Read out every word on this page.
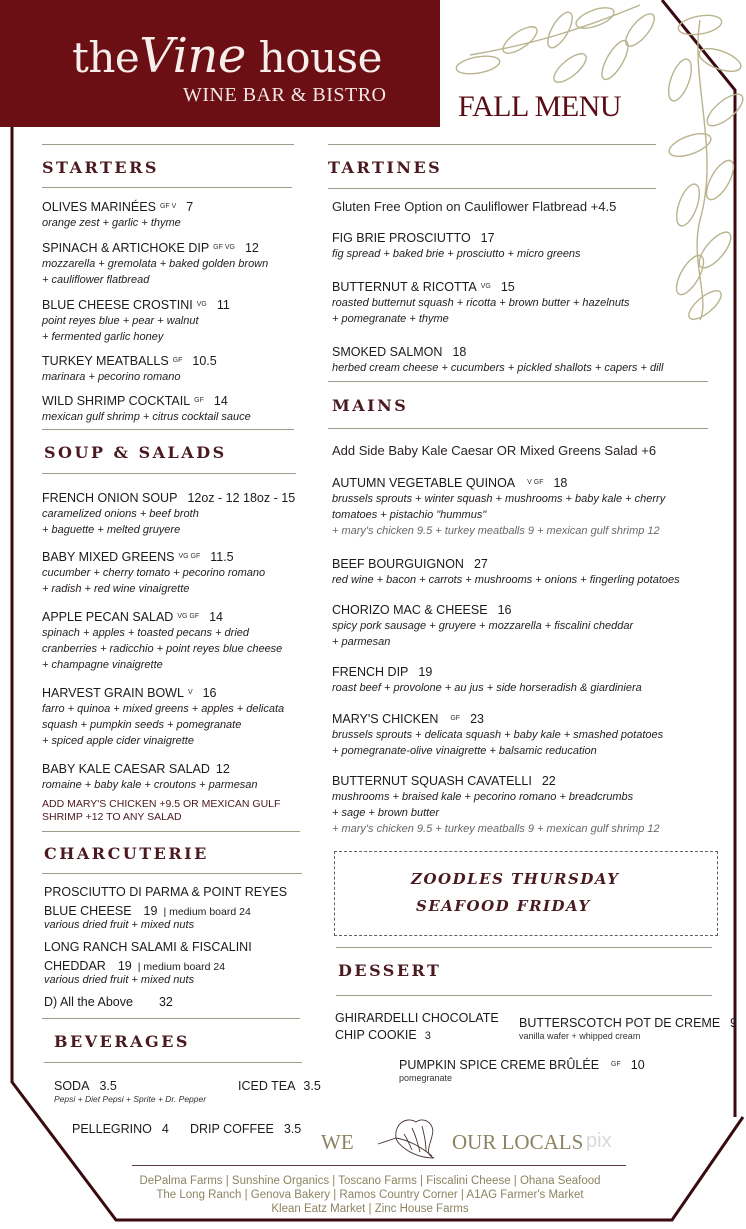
theVine house
WINE BAR & BISTRO FALL MENU
STARTERS
OLIVES MARINÉES GF V 7
orange zest + garlic + thyme
SPINACH & ARTICHOKE DIP GF VG 12
mozzarella + gremolata + baked golden brown
+ cauliflower flatbread
BLUE CHEESE CROSTINI VG 11
point reyes blue + pear + walnut
+ fermented garlic honey
TURKEY MEATBALLS GF 10.5
marinara + pecorino romano
WILD SHRIMP COCKTAIL GF 14
mexican gulf shrimp + citrus cocktail sauce
SOUP & SALADS
FRENCH ONION SOUP 12oz - 12 18oz - 15
caramelized onions + beef broth
+ baguette + melted gruyere
BABY MIXED GREENS VG GF 11.5
cucumber + cherry tomato + pecorino romano
+ radish + red wine vinaigrette
APPLE PECAN SALAD VG GF 14
spinach + apples + toasted pecans + dried
cranberries + radicchio + point reyes blue cheese
+ champagne vinaigrette
HARVEST GRAIN BOWL V 16
farro + quinoa + mixed greens + apples + delicata
squash + pumpkin seeds + pomegranate
+ spiced apple cider vinaigrette
BABY KALE CAESAR SALAD 12
romaine + baby kale + croutons + parmesan
ADD MARY'S CHICKEN +9.5 OR MEXICAN GULF
SHRIMP +12 TO ANY SALAD
CHARCUTERIE
PROSCIUTTO DI PARMA & POINT REYES
BLUE CHEESE 19 | medium board 24
various dried fruit + mixed nuts
LONG RANCH SALAMI & FISCALINI
CHEDDAR 19 | medium board 24
various dried fruit + mixed nuts
D) All the Above 32
BEVERAGES
SODA 3.5
Pepsi + Diet Pepsi + Sprite + Dr. Pepper
ICED TEA 3.5
PELLEGRINO 4 DRIP COFFEE 3.5
TARTINES
Gluten Free Option on Cauliflower Flatbread +4.5
FIG BRIE PROSCIUTTO 17
fig spread + baked brie + prosciutto + micro greens
BUTTERNUT & RICOTTA VG 15
roasted butternut squash + ricotta + brown butter + hazelnuts
+ pomegranate + thyme
SMOKED SALMON 18
herbed cream cheese + cucumbers + pickled shallots + capers + dill
MAINS
Add Side Baby Kale Caesar OR Mixed Greens Salad +6
AUTUMN VEGETABLE QUINOA V GF 18
brussels sprouts + winter squash + mushrooms + baby kale + cherry
tomatoes + pistachio "hummus"
+ mary's chicken 9.5 + turkey meatballs 9 + mexican gulf shrimp 12
BEEF BOURGUIGNON 27
red wine + bacon + carrots + mushrooms + onions + fingerling potatoes
CHORIZO MAC & CHEESE 16
spicy pork sausage + gruyere + mozzarella + fiscalini cheddar
+ parmesan
FRENCH DIP 19
roast beef + provolone + au jus + side horseradish & giardiniera
MARY'S CHICKEN GF 23
brussels sprouts + delicata squash + baby kale + smashed potatoes
+ pomegranate-olive vinaigrette + balsamic reducation
BUTTERNUT SQUASH CAVATELLI 22
mushrooms + braised kale + pecorino romano + breadcrumbs
+ sage + brown butter
+ mary's chicken 9.5 + turkey meatballs 9 + mexican gulf shrimp 12
ZOODLES THURSDAY
SEAFOOD FRIDAY
DESSERT
GHIRARDELLI CHOCOLATE
CHIP COOKIE 3
BUTTERSCOTCH POT DE CREME 9
vanilla wafer + whipped cream
PUMPKIN SPICE CREME BRÛLÉE GF 10
pomegranate
WE	OUR LOCALS pix
DePalma Farms | Sunshine Organics | Toscano Farms | Fiscalini Cheese | Ohana Seafood
The Long Ranch | Genova Bakery | Ramos Country Corner | A1AG Farmer's Market
Klean Eatz Market | Zinc House Farms
